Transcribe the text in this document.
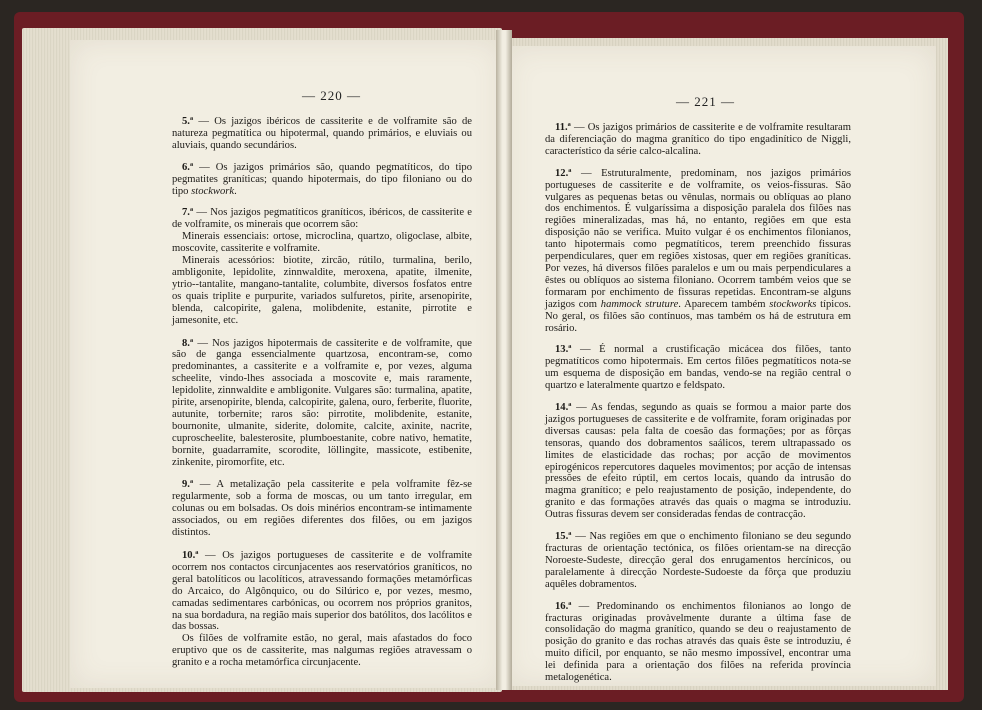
— 220 —	— 221 —

5.ª — Os jazigos ibéricos de cassiterite e de volframite são de natureza pegmatítica ou hipotermal, quando primários, e eluviais ou aluviais, quando secundários.

6.ª — Os jazigos primários são, quando pegmatíticos, do tipo pegmatites graníticas; quando hipotermais, do tipo filoniano ou do tipo stockwork.

7.ª — Nos jazigos pegmatíticos graníticos, ibéricos, de cassiterite e de volframite, os minerais que ocorrem são:

Minerais essenciais: ortose, microclina, quartzo, oligoclase, albite, moscovite, cassiterite e volframite.

Minerais acessórios: biotite, zircão, rútilo, turmalina, berilo, ambligonite, lepidolite, zinnwaldite, meroxena, apatite, ilmenite, ytrio--tantalite, mangano-tantalite, columbite, diversos fosfatos entre os quais triplite e purpurite, variados sulfuretos, pirite, arsenopirite, blenda, calcopirite, galena, molibdenite, estanite, pirrotite e jamesonite, etc.

8.ª — Nos jazigos hipotermais de cassiterite e de volframite, que são de ganga essencialmente quartzosa, encontram-se, como predominantes, a cassiterite e a volframite e, por vezes, alguma scheelite, vindo-lhes associada a moscovite e, mais raramente, lepidolite, zinnwaldite e ambligonite. Vulgares são: turmalina, apatite, pirite, arsenopirite, blenda, calcopirite, galena, ouro, ferberite, fluorite, autunite, torbernite; raros são: pirrotite, molibdenite, estanite, bournonite, ulmanite, siderite, dolomite, calcite, axinite, nacrite, cuproscheelite, balesterosite, plumboestanite, cobre nativo, hematite, bornite, guadarramite, scorodite, löllingite, massicote, estibenite, zinkenite, piromorfite, etc.

9.ª — A metalização pela cassiterite e pela volframite fêz-se regularmente, sob a forma de moscas, ou um tanto irregular, em colunas ou em bolsadas. Os dois minérios encontram-se intimamente associados, ou em regiões diferentes dos filões, ou em jazigos distintos.

10.ª — Os jazigos portugueses de cassiterite e de volframite ocorrem nos contactos circunjacentes aos reservatórios graníticos, no geral batolíticos ou lacolíticos, atravessando formações metamórficas do Arcaico, do Algônquico, ou do Silúrico e, por vezes, mesmo, camadas sedimentares carbónicas, ou ocorrem nos próprios granitos, na sua bordadura, na região mais superior dos batólitos, dos lacólitos e das bossas.

Os filões de volframite estão, no geral, mais afastados do foco eruptivo que os de cassiterite, mas nalgumas regiões atravessam o granito e a rocha metamórfica circunjacente.

11.ª — Os jazigos primários de cassiterite e de volframite resultaram da diferenciação do magma granítico do tipo engadinítico de Niggli, característico da série calco-alcalina.

12.ª — Estruturalmente, predominam, nos jazigos primários portugueses de cassiterite e de volframite, os veios-fissuras. São vulgares as pequenas betas ou vênulas, normais ou oblíquas ao plano dos enchimentos. É vulgaríssima a disposição paralela dos filões nas regiões mineralizadas, mas há, no entanto, regiões em que esta disposição não se verifica. Muito vulgar é os enchimentos filonianos, tanto hipotermais como pegmatíticos, terem preenchido fissuras perpendiculares, quer em regiões xistosas, quer em regiões graníticas. Por vezes, há diversos filões paralelos e um ou mais perpendiculares a êstes ou oblíquos ao sistema filoniano. Ocorrem também veios que se formaram por enchimento de fissuras repetidas. Encontram-se alguns jazigos com hammock struture. Aparecem também stockworks típicos. No geral, os filões são contínuos, mas também os há de estrutura em rosário.

13.ª — É normal a crustificação micácea dos filões, tanto pegmatíticos como hipotermais. Em certos filões pegmatíticos nota-se um esquema de disposição em bandas, vendo-se na região central o quartzo e lateralmente quartzo e feldspato.

14.ª — As fendas, segundo as quais se formou a maior parte dos jazigos portugueses de cassiterite e de volframite, foram originadas por diversas causas: pela falta de coesão das formações; por as fôrças tensoras, quando dos dobramentos saálicos, terem ultrapassado os limites de elasticidade das rochas; por acção de movimentos epirogénicos repercutores daqueles movimentos; por acção de intensas pressões de efeito rúptil, em certos locais, quando da intrusão do magma granítico; e pelo reajustamento de posição, independente, do granito e das formações através das quais o magma se introduziu. Outras fissuras devem ser consideradas fendas de contracção.

15.ª — Nas regiões em que o enchimento filoniano se deu segundo fracturas de orientação tectónica, os filões orientam-se na direcção Noroeste-Sudeste, direcção geral dos enrugamentos hercínicos, ou paralelamente à direcção Nordeste-Sudoeste da fôrça que produziu aquêles dobramentos.

16.ª — Predominando os enchimentos filonianos ao longo de fracturas originadas provàvelmente durante a última fase de consolidação do magma granítico, quando se deu o reajustamento de posição do granito e das rochas através das quais êste se introduziu, é muito difícil, por enquanto, se não mesmo impossível, encontrar uma lei definida para a orientação dos filões na referida província metalogenética.
